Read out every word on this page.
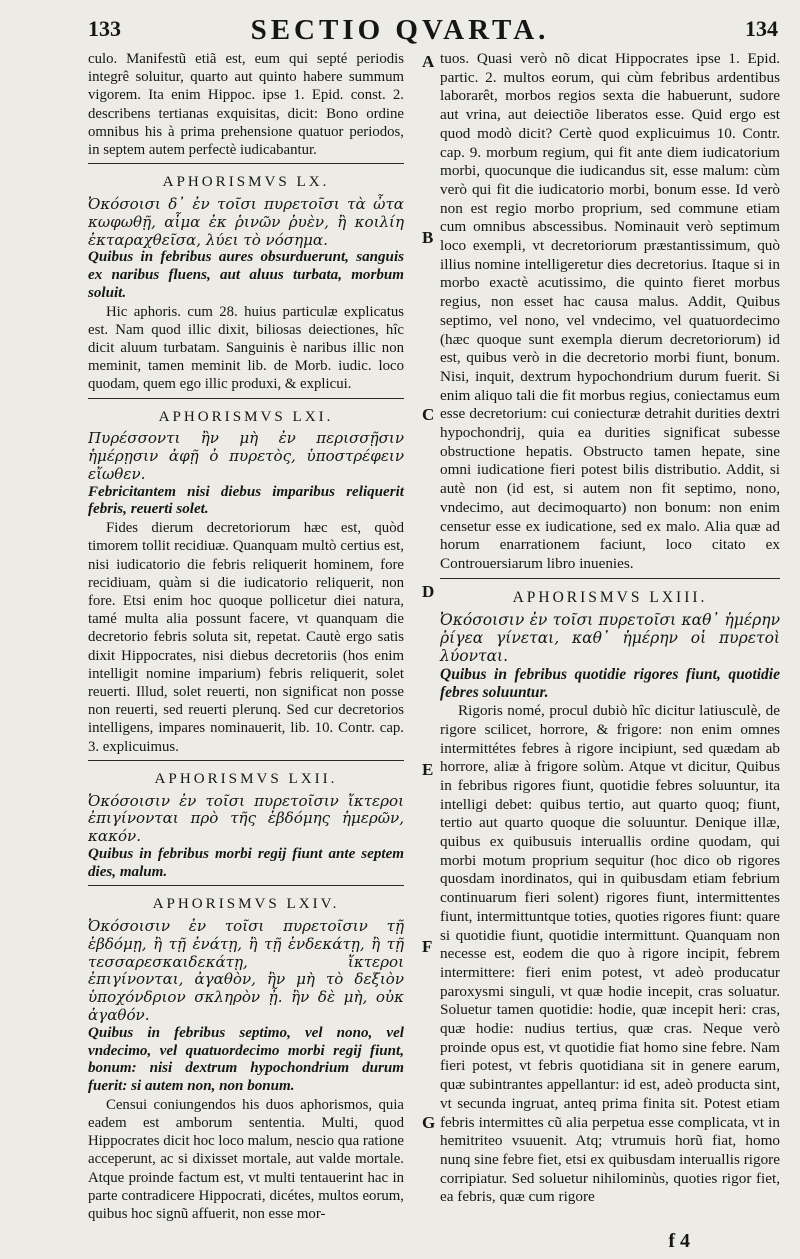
133	SECTIO QVARTA.	134

culo. Manifestũ etiã est, eum qui septé periodis integrê soluitur, quarto aut quinto habere summum vigorem. Ita enim Hippoc. ipse 1. Epid. const. 2. describens tertianas exquisitas, dicit: Bono ordine omnibus his à prima prehensione quatuor periodos, in septem autem perfectè iudicabantur.

APHORISMVS LX.

Ὀκόσοισι δ᾽ ἐν τοῖσι πυρετοῖσι τὰ ὦτα κωφωθῇ, αἷμα ἐκ ῥινῶν ῥυὲν, ἢ κοιλίη ἐκταραχθεῖσα, λύει τὸ νόσημα.

Quibus in febribus aures obsurduerunt, sanguis ex naribus fluens, aut aluus turbata, morbum soluit.

Hic aphoris. cum 28. huius particulæ explicatus est. Nam quod illic dixit, biliosas deiectiones, hîc dicit aluum turbatam. Sanguinis è naribus illic non meminit, tamen meminit lib. de Morb. iudic. loco quodam, quem ego illic produxi, & explicui.

APHORISMVS LXI.

Πυρέσσοντι ἢν μὴ ἐν περισσῇσιν ἡμέρῃσιν ἀφῇ ὁ πυρετὸς, ὑποστρέφειν εἴωθεν.

Febricitantem nisi diebus imparibus reliquerit febris, reuerti solet.

Fides dierum decretoriorum hæc est, quòd timorem tollit recidiuæ. Quanquam multò certius est, nisi iudicatorio die febris reliquerit hominem, fore recidiuam, quàm si die iudicatorio reliquerit, non fore. Etsi enim hoc quoque pollicetur diei natura, tamé multa alia possunt facere, vt quanquam die decretorio febris soluta sit, repetat. Cautè ergo satis dixit Hippocrates, nisi diebus decretoriis (hos enim intelligit nomine imparium) febris reliquerit, solet reuerti. Illud, solet reuerti, non significat non posse non reuerti, sed reuerti plerunq. Sed cur decretorios intelligens, impares nominauerit, lib. 10. Contr. cap. 3. explicuimus.

APHORISMVS LXII.

Ὀκόσοισιν ἐν τοῖσι πυρετοῖσιν ἴκτεροι ἐπιγίνονται πρὸ τῆς ἑβδόμης ἡμερῶν, κακόν.

Quibus in febribus morbi regij fiunt ante septem dies, malum.

APHORISMVS LXIV.

Ὀκόσοισιν ἐν τοῖσι πυρετοῖσιν τῇ ἑβδόμῃ, ἢ τῇ ἐνάτῃ, ἢ τῇ ἑνδεκάτῃ, ἢ τῇ τεσσαρεσκαιδεκάτῃ, ἴκτεροι ἐπιγίνονται, ἀγαθὸν, ἢν μὴ τὸ δεξιὸν ὑποχόνδριον σκληρὸν ᾖ. ἢν δὲ μὴ, οὐκ ἀγαθόν.

Quibus in febribus septimo, vel nono, vel vndecimo, vel quatuordecimo morbi regij fiunt, bonum: nisi dextrum hypochondrium durum fuerit: si autem non, non bonum.

Censui coniungendos his duos aphorismos, quia eadem est amborum sententia. Multi, quod Hippocrates dicit hoc loco malum, nescio qua ratione acceperunt, ac si dixisset mortale, aut valde mortale. Atque proinde factum est, vt multi tentauerint hac in parte contradicere Hippocrati, dicétes, multos eorum, quibus hoc signũ affuerit, non esse mor-

A
B
C
D
E
F
G

tuos. Quasi verò nõ dicat Hippocrates ipse 1. Epid. partic. 2. multos eorum, qui cùm febribus ardentibus laborarêt, morbos regios sexta die habuerunt, sudore aut vrina, aut deiectiõe liberatos esse. Quid ergo est quod modò dicit? Certè quod explicuimus 10. Contr. cap. 9. morbum regium, qui fit ante diem iudicatorium morbi, quocunque die iudicandus sit, esse malum: cùm verò qui fit die iudicatorio morbi, bonum esse. Id verò non est regio morbo proprium, sed commune etiam cum omnibus abscessibus. Nominauit verò septimum loco exempli, vt decretoriorum præstantissimum, quò illius nomine intelligeretur dies decretorius. Itaque si in morbo exactè acutissimo, die quinto fieret morbus regius, non esset hac causa malus. Addit, Quibus septimo, vel nono, vel vndecimo, vel quatuordecimo (hæc quoque sunt exempla dierum decretoriorum) id est, quibus verò in die decretorio morbi fiunt, bonum. Nisi, inquit, dextrum hypochondrium durum fuerit. Si enim aliquo tali die fit morbus regius, coniectamus eum esse decretorium: cui coniecturæ detrahit durities dextri hypochondrij, quia ea durities significat subesse obstructione hepatis. Obstructo tamen hepate, sine omni iudicatione fieri potest bilis distributio. Addit, si autè non (id est, si autem non fit septimo, nono, vndecimo, aut decimoquarto) non bonum: non enim censetur esse ex iudicatione, sed ex malo. Alia quæ ad horum enarrationem faciunt, loco citato ex Controuersiarum libro inuenies.

APHORISMVS LXIII.

Ὀκόσοισιν ἐν τοῖσι πυρετοῖσι καθ᾽ ἡμέρην ῥίγεα γίνεται, καθ᾽ ἡμέρην οἱ πυρετοὶ λύονται.

Quibus in febribus quotidie rigores fiunt, quotidie febres soluuntur.

Rigoris nomé, procul dubiò hîc dicitur latiusculè, de rigore scilicet, horrore, & frigore: non enim omnes intermittétes febres à rigore incipiunt, sed quædam ab horrore, aliæ à frigore solùm. Atque vt dicitur, Quibus in febribus rigores fiunt, quotidie febres soluuntur, ita intelligi debet: quibus tertio, aut quarto quoq; fiunt, tertio aut quarto quoque die soluuntur. Denique illæ, quibus ex quibusuis interuallis ordine quodam, qui morbi motum proprium sequitur (hoc dico ob rigores quosdam inordinatos, qui in quibusdam etiam febrium continuarum fieri solent) rigores fiunt, intermittentes fiunt, intermittuntque toties, quoties rigores fiunt: quare si quotidie fiunt, quotidie intermittunt. Quanquam non necesse est, eodem die quo à rigore incipit, febrem intermittere: fieri enim potest, vt adeò producatur paroxysmi singuli, vt quæ hodie incepit, cras soluatur. Soluetur tamen quotidie: hodie, quæ incepit heri: cras, quæ hodie: nudius tertius, quæ cras. Neque verò proinde opus est, vt quotidie fiat homo sine febre. Nam fieri potest, vt febris quotidiana sit in genere earum, quæ subintrantes appellantur: id est, adeò producta sint, vt secunda ingruat, anteq prima finita sit. Potest etiam febris intermittes cũ alia perpetua esse complicata, vt in hemitriteo vsuuenit. Atq; vtrumuis horũ fiat, homo nunq sine febre fiet, etsi ex quibusdam interuallis rigore corripiatur. Sed soluetur nihilominùs, quoties rigor fiet, ea febris, quæ cum rigore

f 4
